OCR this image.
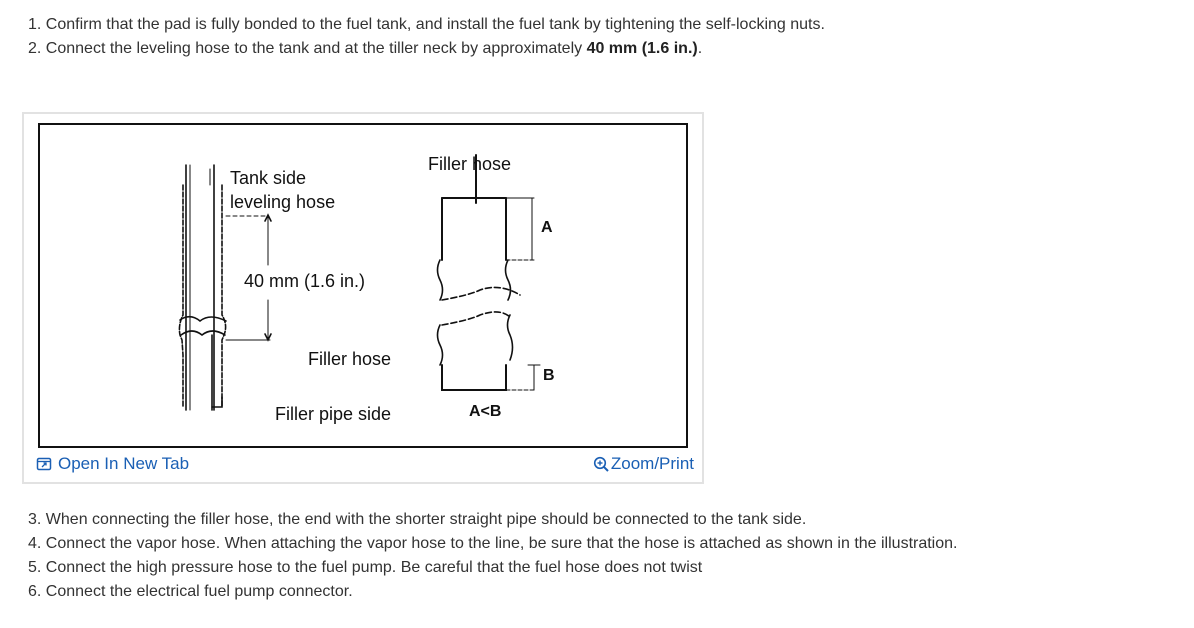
1. Confirm that the pad is fully bonded to the fuel tank, and install the fuel tank by tightening the self-locking nuts.
2. Connect the leveling hose to the tank and at the tiller neck by approximately 40 mm (1.6 in.).
Tank side
leveling hose
40 mm (1.6 in.)
Filler hose
Filler pipe side
Filler hose
A
B
A<B
Open In New Tab	Zoom/Print
3. When connecting the filler hose, the end with the shorter straight pipe should be connected to the tank side.
4. Connect the vapor hose. When attaching the vapor hose to the line, be sure that the hose is attached as shown in the illustration.
5. Connect the high pressure hose to the fuel pump. Be careful that the fuel hose does not twist
6. Connect the electrical fuel pump connector.
